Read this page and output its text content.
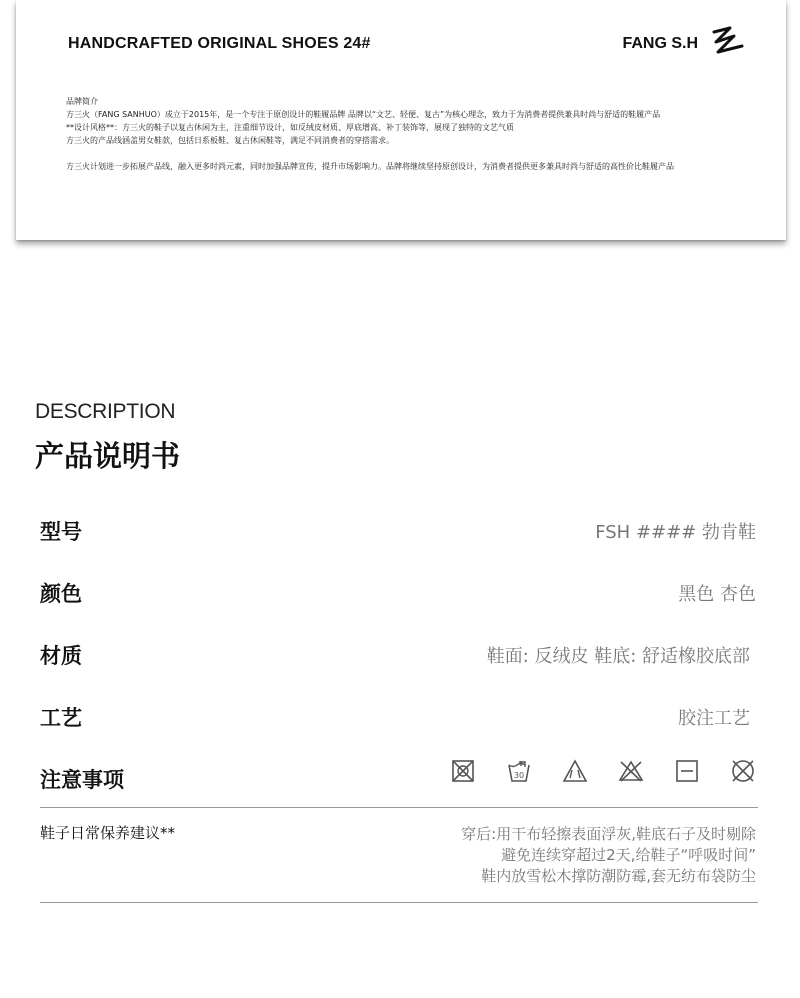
HANDCRAFTED ORIGINAL SHOES 24#	FANG S.H

品牌简介

方三火（FANG SANHUO）成立于2015年，是一个专注于原创设计的鞋履品牌 品牌以“文艺、轻便、复古”为核心理念，致力于为消费者提供兼具时尚与舒适的鞋履产品

**设计风格**：方三火的鞋子以复古休闲为主，注重细节设计，如反绒皮材质、厚底增高、补丁装饰等，展现了独特的文艺气质

方三火的产品线涵盖男女鞋款，包括日系板鞋、复古休闲鞋等，满足不同消费者的穿搭需求。

方三火计划进一步拓展产品线，融入更多时尚元素，同时加强品牌宣传，提升市场影响力。品牌将继续坚持原创设计，为消费者提供更多兼具时尚与舒适的高性价比鞋履产品

DESCRIPTION
产品说明书
型号	FSH #### 勃肯鞋
颜色	黑色 杏色
材质	鞋面: 反绒皮 鞋底: 舒适橡胶底部
工艺	胶注工艺
注意事项	30
鞋子日常保养建议**	穿后:用干布轻擦表面浮灰,鞋底石子及时剔除
避免连续穿超过2天,给鞋子“呼吸时间”
鞋内放雪松木撑防潮防霉,套无纺布袋防尘
